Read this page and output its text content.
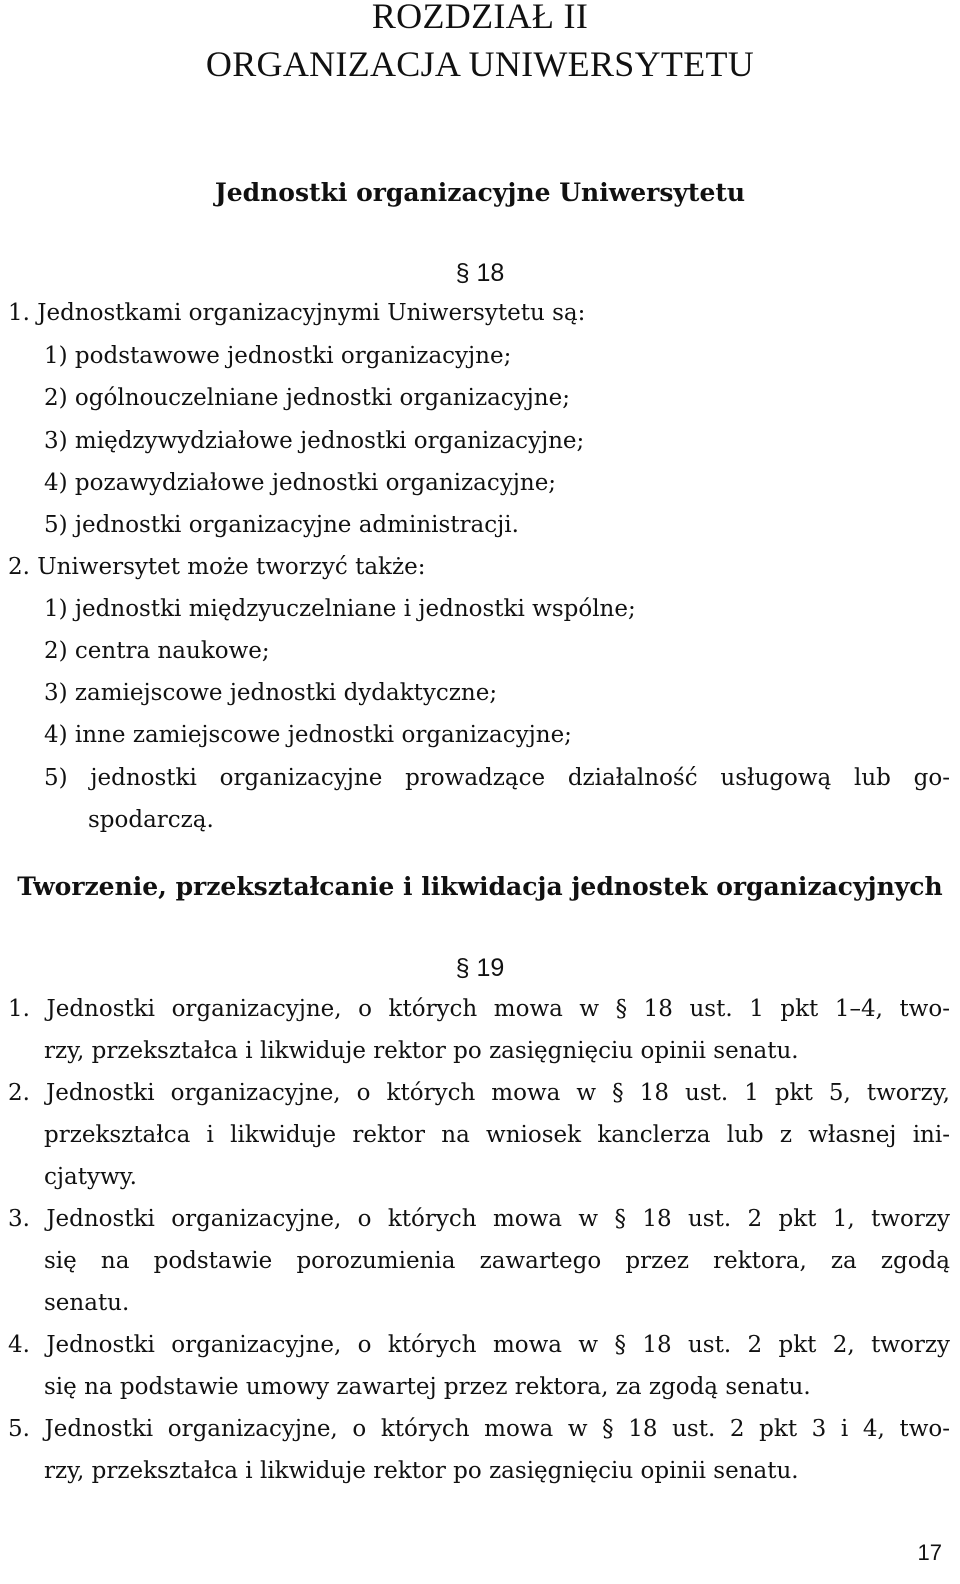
ROZDZIAŁ II
ORGANIZACJA UNIWERSYTETU
Jednostki organizacyjne Uniwersytetu
§ 18
1. Jednostkami organizacyjnymi Uniwersytetu są:
1) podstawowe jednostki organizacyjne;
2) ogólnouczelniane jednostki organizacyjne;
3) międzywydziałowe jednostki organizacyjne;
4) pozawydziałowe jednostki organizacyjne;
5) jednostki organizacyjne administracji.
2. Uniwersytet może tworzyć także:
1) jednostki międzyuczelniane i jednostki wspólne;
2) centra naukowe;
3) zamiejscowe jednostki dydaktyczne;
4) inne zamiejscowe jednostki organizacyjne;
5) jednostki organizacyjne prowadzące działalność usługową lub go-
spodarczą.
Tworzenie, przekształcanie i likwidacja jednostek organizacyjnych
§ 19
1. Jednostki organizacyjne, o których mowa w § 18 ust. 1 pkt 1–4, two-
rzy, przekształca i likwiduje rektor po zasięgnięciu opinii senatu.
2. Jednostki organizacyjne, o których mowa w § 18 ust. 1 pkt 5, tworzy,
przekształca i likwiduje rektor na wniosek kanclerza lub z własnej ini-
cjatywy.
3. Jednostki organizacyjne, o których mowa w § 18 ust. 2 pkt 1, tworzy
się na podstawie porozumienia zawartego przez rektora, za zgodą
senatu.
4. Jednostki organizacyjne, o których mowa w § 18 ust. 2 pkt 2, tworzy
się na podstawie umowy zawartej przez rektora, za zgodą senatu.
5. Jednostki organizacyjne, o których mowa w § 18 ust. 2 pkt 3 i 4, two-
rzy, przekształca i likwiduje rektor po zasięgnięciu opinii senatu.
17
